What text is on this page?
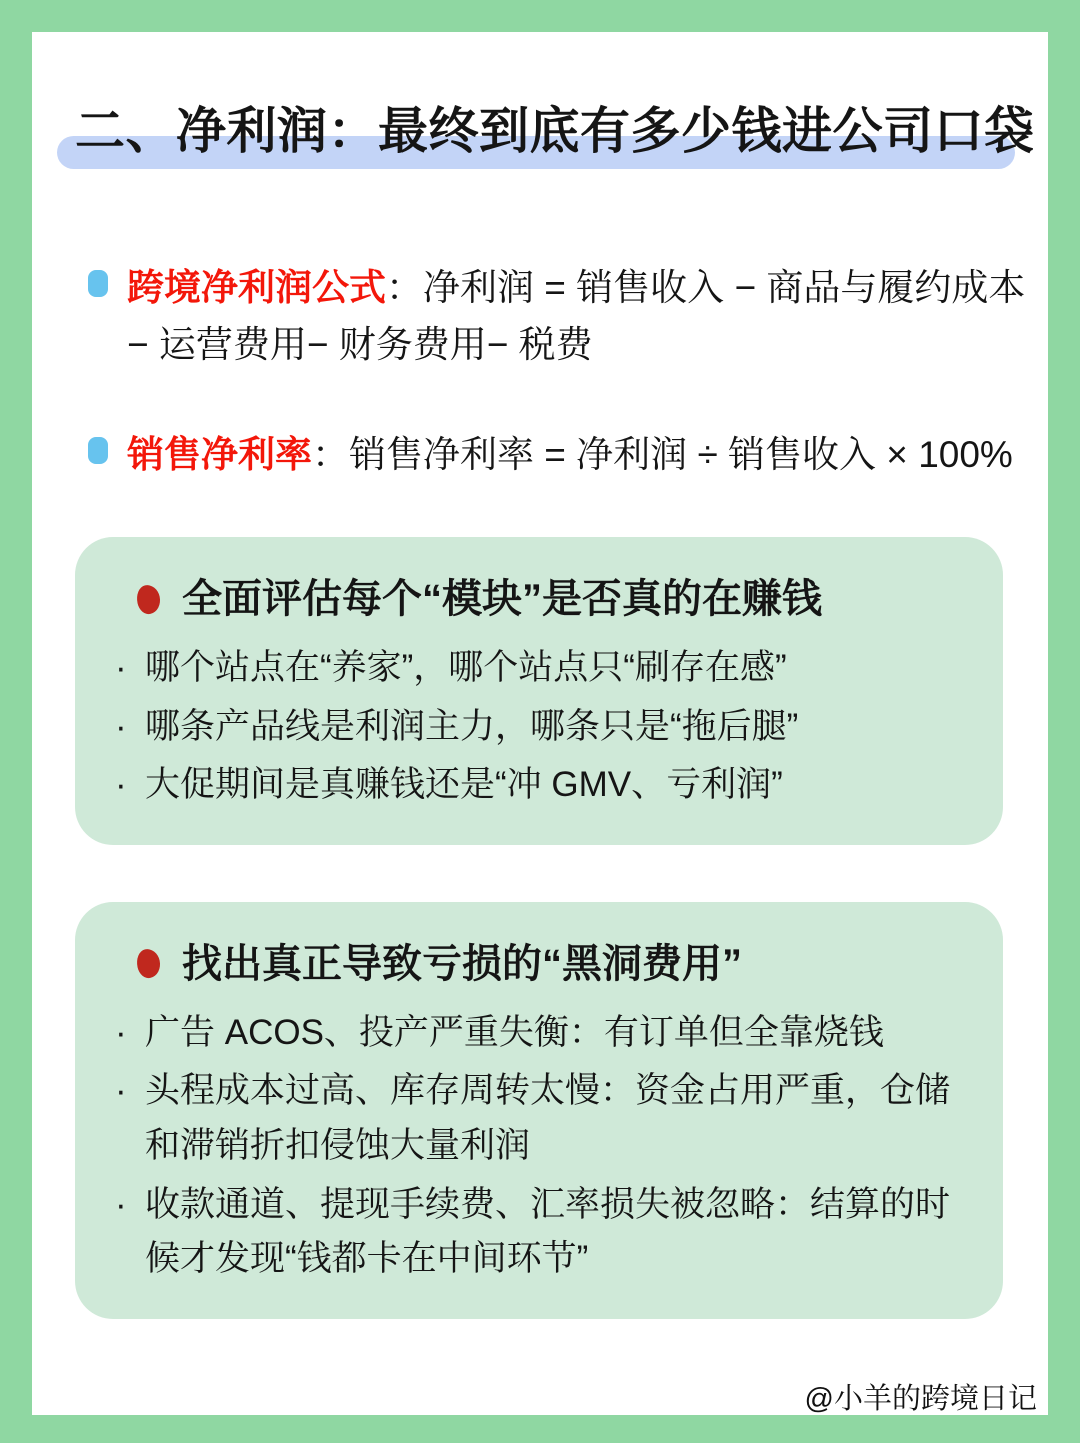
二、净利润：最终到底有多少钱进公司口袋

跨境净利润公式：净利润 = 销售收入 − 商品与履约成本 − 运营费用− 财务费用− 税费

销售净利率：销售净利率 = 净利润 ÷ 销售收入 × 100%

全面评估每个“模块”是否真的在赚钱
· 哪个站点在“养家”，哪个站点只“刷存在感”

· 哪条产品线是利润主力，哪条只是“拖后腿”

· 大促期间是真赚钱还是“冲 GMV、亏利润”

找出真正导致亏损的“黑洞费用”
· 广告 ACOS、投产严重失衡：有订单但全靠烧钱

· 头程成本过高、库存周转太慢：资金占用严重，仓储和滞销折扣侵蚀大量利润

· 收款通道、提现手续费、汇率损失被忽略：结算的时候才发现“钱都卡在中间环节”

@小羊的跨境日记
